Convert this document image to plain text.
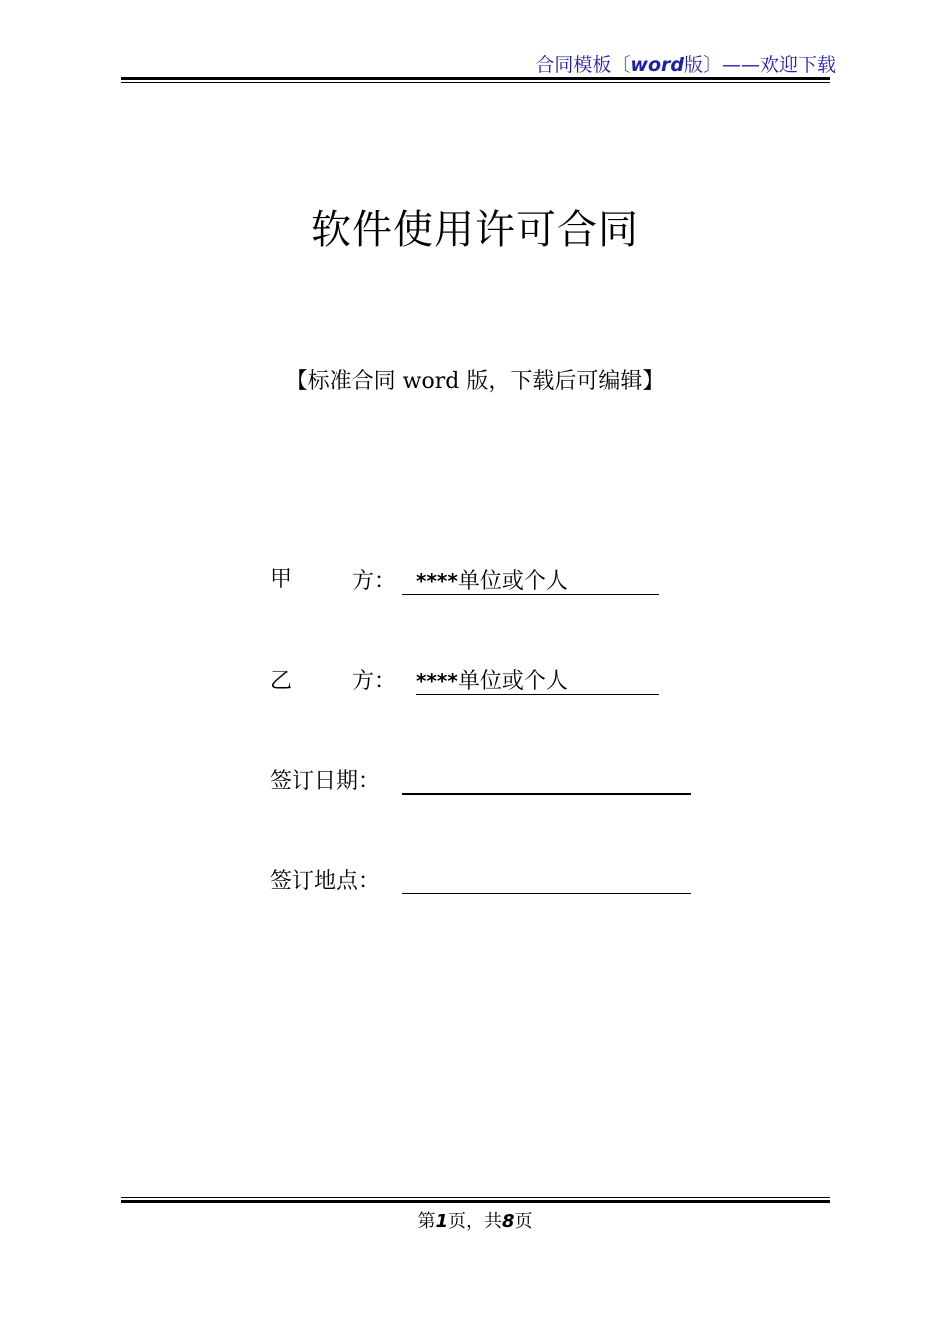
合同模板〔word版〕——欢迎下载
软件使用许可合同
【标准合同 word 版，下载后可编辑】
甲	方： ****单位或个人
乙	方： ****单位或个人
签订日期：
签订地点：
第1页，共8页
